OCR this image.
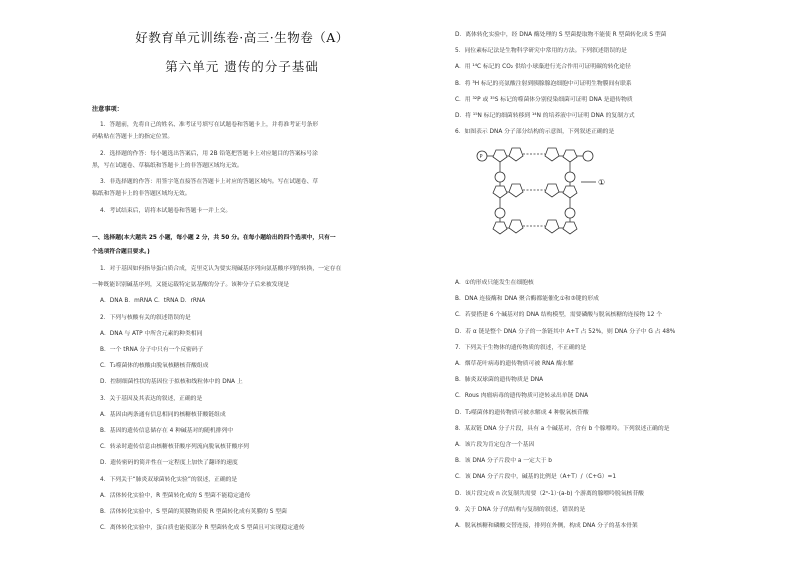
好教育单元训练卷·高三·生物卷（A）
第六单元 遗传的分子基础
注意事项：
1．答题前，先将自己的姓名、准考证号填写在试题卷和答题卡上，并将准考证号条形
码粘贴在答题卡上的指定位置。
2．选择题的作答：每小题选出答案后，用 2B 铅笔把答题卡上对应题目的答案标号涂
黑，写在试题卷、草稿纸和答题卡上的非答题区域均无效。
3．非选择题的作答：用签字笔直接答在答题卡上对应的答题区域内。写在试题卷、草
稿纸和答题卡上的非答题区域均无效。
4．考试结束后，请将本试题卷和答题卡一并上交。
一、选择题(本大题共 25 小题，每小题 2 分，共 50 分。在每小题给出的四个选项中，只有一
个选项符合题目要求。)
1．对于基因如何指导蛋白质合成，克里克认为要实现碱基序列向氨基酸序列的转换，一定存在
一种既能识别碱基序列，又能运载特定氨基酸的分子。该种分子后来被发现是
A．DNA B．mRNA C．tRNA D．rRNA
2．下列与核酸有关的叙述错误的是
A．DNA 与 ATP 中所含元素的种类相同
B．一个 tRNA 分子中只有一个反密码子
C．T₂噬菌体的核酸由脱氧核糖核苷酸组成
D．控制细菌性状的基因位于拟核和线粒体中的 DNA 上
3．关于基因及其表达的叙述，正确的是
A．基因由两条通有信息相同的核糖核苷酸链组成
B．基因的遗传信息储存在 4 种碱基对的随机排列中
C．转录时遗传信息由核糖核苷酸序列流向脱氧核苷酸序列
D．遗传密码的简并性在一定程度上加快了翻译的速度
4．下列关于“肺炎双球菌转化实验”的叙述，正确的是
A．活体转化实验中，R 型菌转化成的 S 型菌不能稳定遗传
B．活体转化实验中，S 型菌的荚膜物质使 R 型菌转化成有荚膜的 S 型菌
C．离体转化实验中，蛋白质也能使部分 R 型菌转化成 S 型菌且可实现稳定遗传
D．离体转化实验中，经 DNA 酶处理的 S 型菌提取物不能使 R 型菌转化成 S 型菌
5．同位素标记法是生物科学研究中常用的方法。下列叙述错误的是
A．用 ¹⁴C 标记的 CO₂ 供给小球藻进行光合作用可证明碳的转化途径
B．将 ³H 标记的亮氨酸注射到胰腺腺泡细胞中可证明生物膜间有联系
C．用 ³²P 或 ³⁵S 标记的噬菌体分别侵染细菌可证明 DNA 是遗传物质
D．将 ¹⁵N 标记的细菌转移到 ¹⁴N 的培养液中可证明 DNA 的复制方式
6．如图表示 DNA 分子部分结构的示意图，下列叙述正确的是
A．①的形成只能发生在细胞核
B．DNA 连接酶和 DNA 聚合酶都能催化①和③键的形成
C．若要搭建 6 个碱基对的 DNA 结构模型，需要磷酸与脱氧核糖的连接物 12 个
D．若 α 链是整个 DNA 分子的一条链其中 A+T 占 52%，则 DNA 分子中 G 占 48%
7．下列关于生物体的遗传物质的叙述，不正确的是
A．烟草花叶病毒的遗传物质可被 RNA 酶水解
B．肺炎双球菌的遗传物质是 DNA
C．Rous 肉瘤病毒的遗传物质可逆转录出单链 DNA
D．T₂噬菌体的遗传物质可被水解成 4 种脱氧核苷酸
8．某双链 DNA 分子片段，具有 a 个碱基对，含有 b 个腺嘌呤。下列叙述正确的是
A．该片段为肯定包含一个基因
B．该 DNA 分子片段中 a 一定大于 b
C．该 DNA 分子片段中，碱基的比例是（A+T）/（C+G）=1
D．该片段完成 n 次复制共需要（2ⁿ-1）·(a-b) 个游离的腺嘌呤脱氧核苷酸
9．关于 DNA 分子的结构与复制的叙述，错误的是
A．脱氧核糖和磷酸交替连接，排列在外侧，构成 DNA 分子的基本骨架
P
①
